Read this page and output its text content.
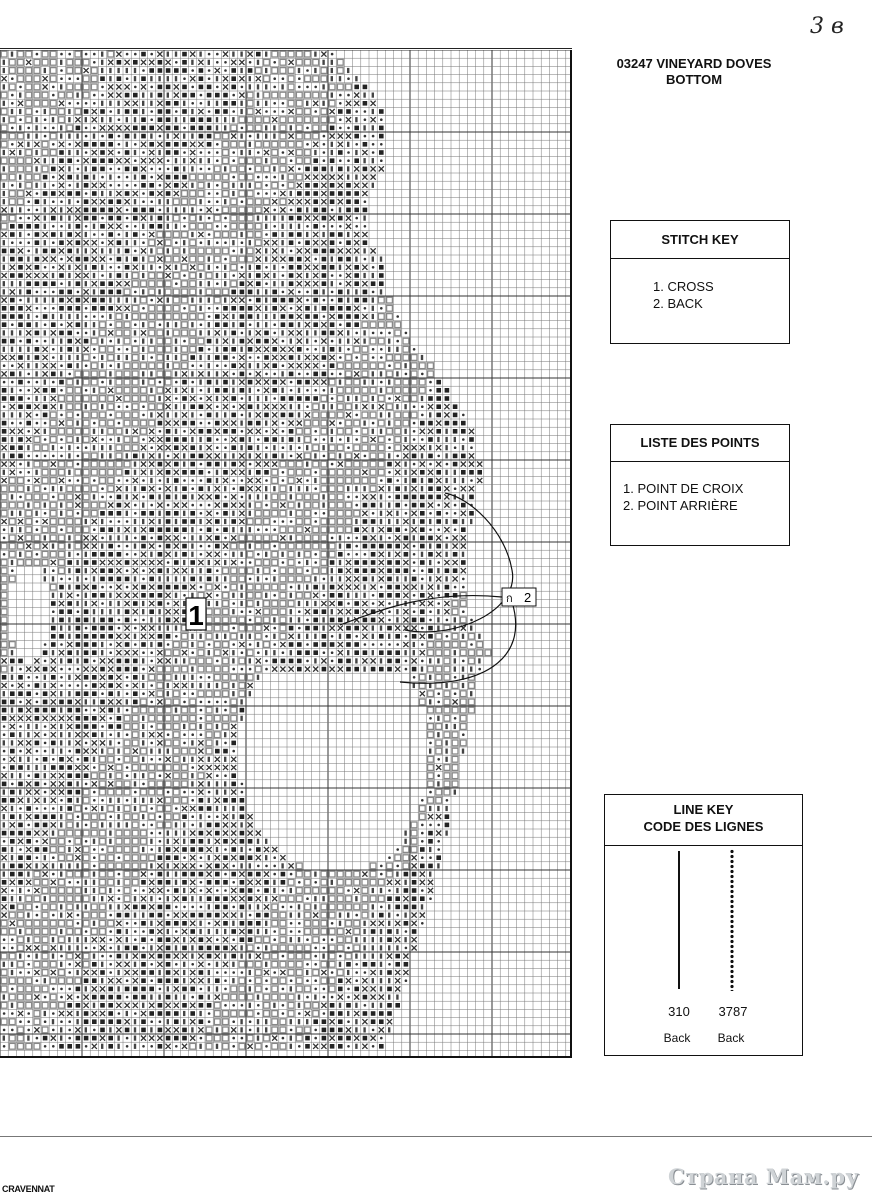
1
2
ก
3 в
03247 VINEYARD DOVES
BOTTOM
STITCH KEY
1. CROSS
2. BACK
LISTE DES POINTS
1. POINT DE CROIX
2. POINT ARRIÈRE
LINE KEY
CODE DES LIGNES
310	3787
Back	Back
CRAVENNAT	Страна Мам.ру
